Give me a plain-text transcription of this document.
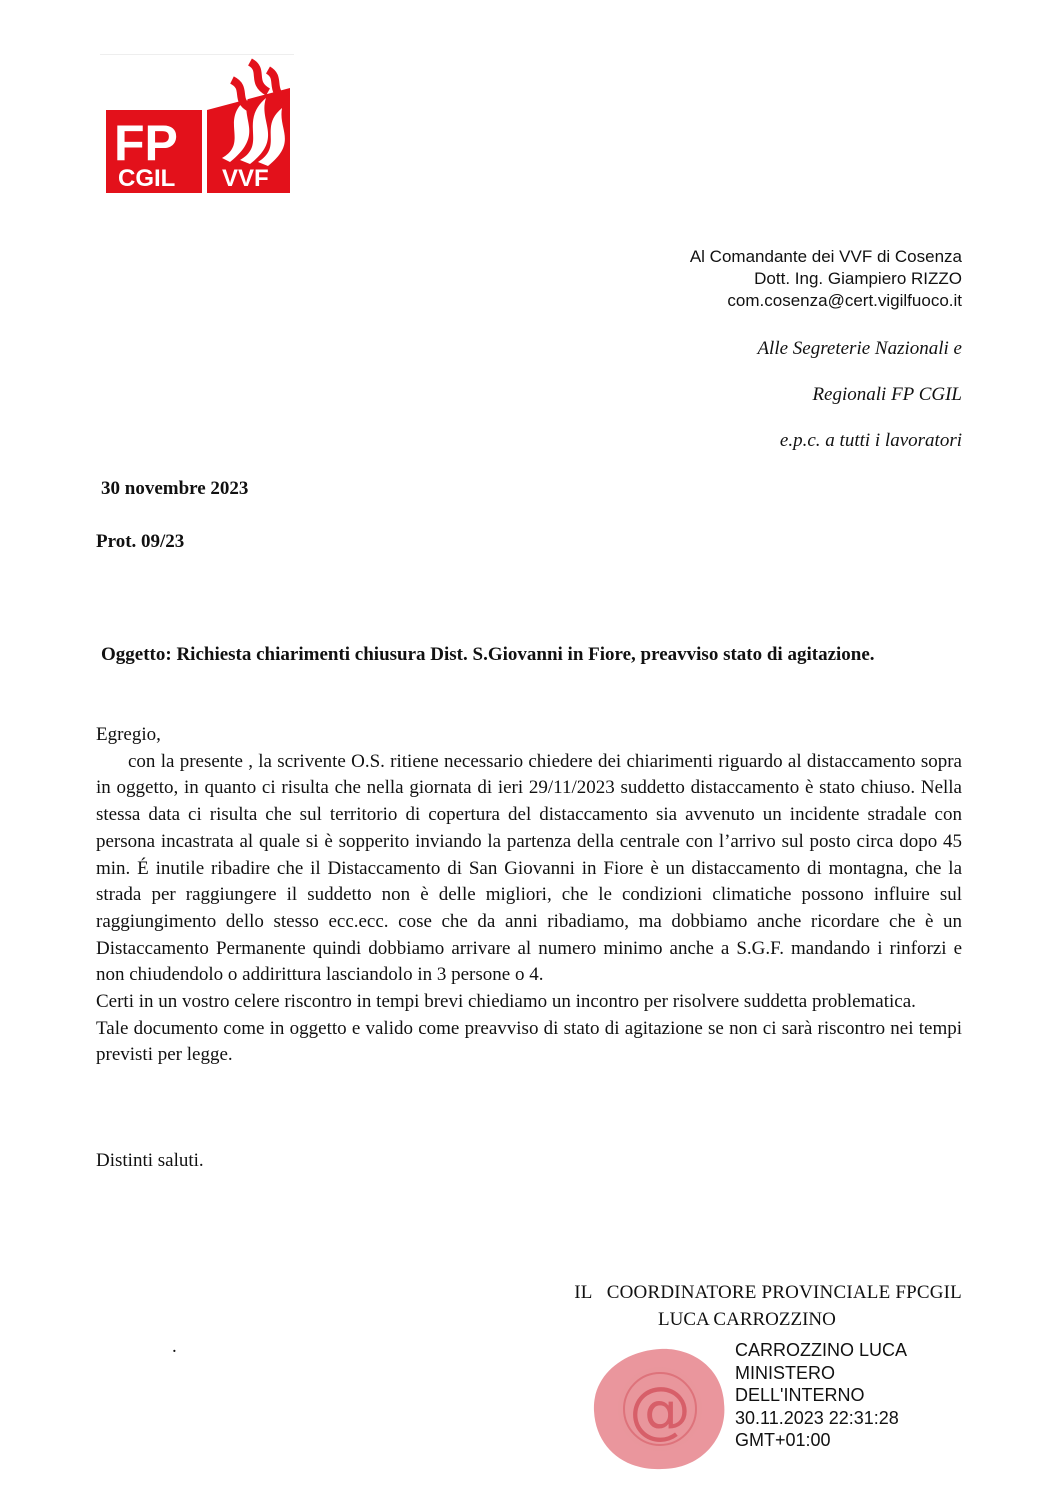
FP
CGIL VVF
Al Comandante dei VVF di Cosenza
Dott. Ing. Giampiero RIZZO
com.cosenza@cert.vigilfuoco.it
Alle Segreterie Nazionali e
Regionali FP CGIL
e.p.c. a tutti i lavoratori
30 novembre 2023
Prot. 09/23
Oggetto: Richiesta chiarimenti chiusura Dist. S.Giovanni in Fiore, preavviso stato di agitazione.

Egregio,

con la presente , la scrivente O.S. ritiene necessario chiedere dei chiarimenti riguardo al distaccamento sopra in oggetto, in quanto ci risulta che nella giornata di ieri 29/11/2023 suddetto distaccamento è stato chiuso. Nella stessa data ci risulta che sul territorio di copertura del distaccamento sia avvenuto un incidente stradale con persona incastrata al quale si è sopperito inviando la partenza della centrale con l’arrivo sul posto circa dopo 45 min. É inutile ribadire che il Distaccamento di San Giovanni in Fiore è un distaccamento di montagna, che la strada per raggiungere il suddetto non è delle migliori, che le condizioni climatiche possono influire sul raggiungimento dello stesso ecc.ecc. cose che da anni ribadiamo, ma dobbiamo anche ricordare che è un Distaccamento Permanente quindi dobbiamo arrivare al numero minimo anche a S.G.F. mandando i rinforzi e non chiudendolo o addirittura lasciandolo in 3 persone o 4.

Certi in un vostro celere riscontro in tempi brevi chiediamo un incontro per risolvere suddetta problematica.

Tale documento come in oggetto e valido come preavviso di stato di agitazione se non ci sarà riscontro nei tempi previsti per legge.

Distinti saluti.
IL   COORDINATORE PROVINCIALE FPCGIL
LUCA CARROZZINO
.
@
CARROZZINO LUCA
MINISTERO
DELL'INTERNO
30.11.2023 22:31:28
GMT+01:00
